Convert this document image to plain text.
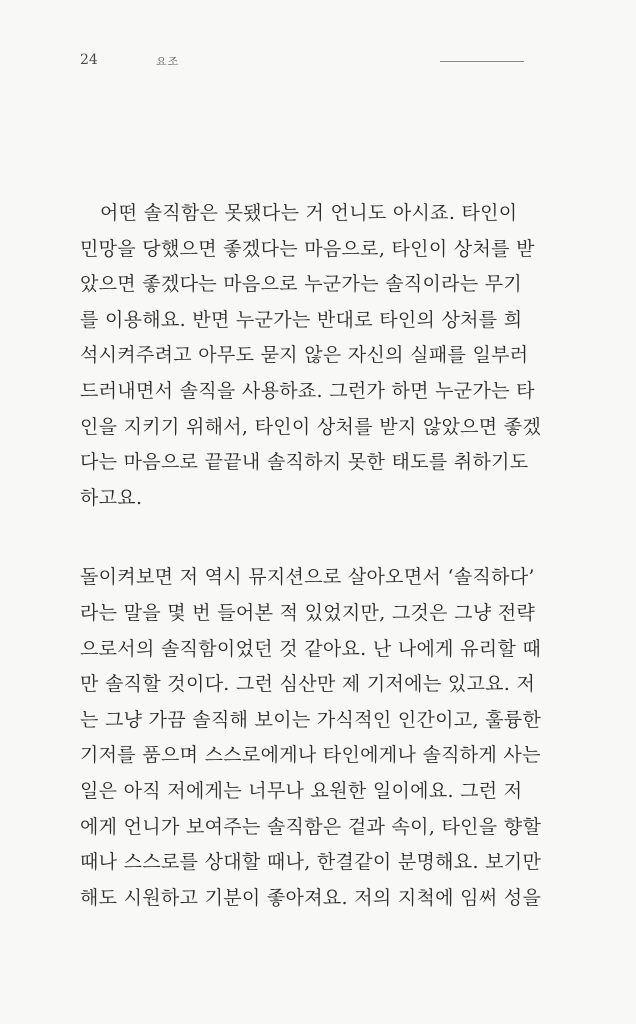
24	요조

어떤 솔직함은 못됐다는 거 언니도 아시죠. 타인이
민망을 당했으면 좋겠다는 마음으로, 타인이 상처를 받
았으면 좋겠다는 마음으로 누군가는 솔직이라는 무기
를 이용해요. 반면 누군가는 반대로 타인의 상처를 희
석시켜주려고 아무도 묻지 않은 자신의 실패를 일부러
드러내면서 솔직을 사용하죠. 그런가 하면 누군가는 타
인을 지키기 위해서, 타인이 상처를 받지 않았으면 좋겠
다는 마음으로 끝끝내 솔직하지 못한 태도를 취하기도
하고요.

돌이켜보면 저 역시 뮤지션으로 살아오면서 ‘솔직하다’
라는 말을 몇 번 들어본 적 있었지만, 그것은 그냥 전략
으로서의 솔직함이었던 것 같아요. 난 나에게 유리할 때
만 솔직할 것이다. 그런 심산만 제 기저에는 있고요. 저
는 그냥 가끔 솔직해 보이는 가식적인 인간이고, 훌륭한
기저를 품으며 스스로에게나 타인에게나 솔직하게 사는
일은 아직 저에게는 너무나 요원한 일이에요. 그런 저
에게 언니가 보여주는 솔직함은 겉과 속이, 타인을 향할
때나 스스로를 상대할 때나, 한결같이 분명해요. 보기만
해도 시원하고 기분이 좋아져요. 저의 지척에 임써 성을
